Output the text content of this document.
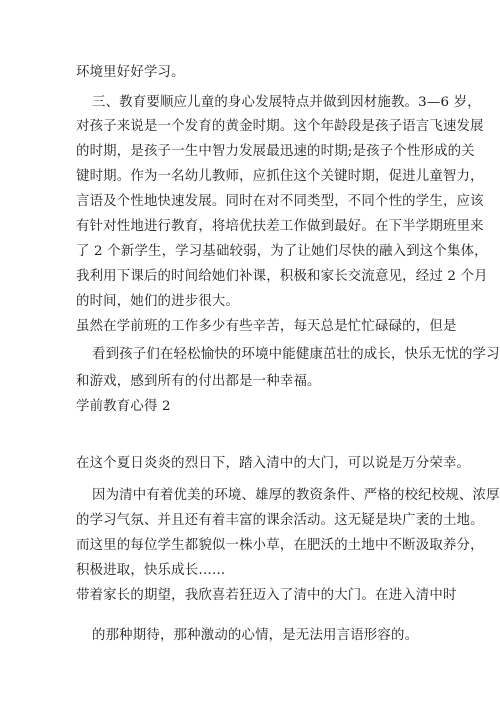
环境里好好学习。
三、教育要顺应儿童的身心发展特点并做到因材施教。3—6 岁，
对孩子来说是一个发育的黄金时期。这个年龄段是孩子语言飞速发展
的时期，是孩子一生中智力发展最迅速的时期;是孩子个性形成的关
键时期。作为一名幼儿教师，应抓住这个关键时期，促进儿童智力，
言语及个性地快速发展。同时在对不同类型，不同个性的学生，应该
有针对性地进行教育，将培优扶差工作做到最好。在下半学期班里来
了 2 个新学生，学习基础较弱，为了让她们尽快的融入到这个集体，
我利用下课后的时间给她们补课，积极和家长交流意见，经过 2 个月
的时间，她们的进步很大。
虽然在学前班的工作多少有些辛苦，每天总是忙忙碌碌的，但是
看到孩子们在轻松愉快的环境中能健康茁壮的成长，快乐无忧的学习
和游戏，感到所有的付出都是一种幸福。
学前教育心得 2
在这个夏日炎炎的烈日下，踏入清中的大门，可以说是万分荣幸。
因为清中有着优美的环境、雄厚的教资条件、严格的校纪校规、浓厚
的学习气氛、并且还有着丰富的课余活动。这无疑是块广袤的土地。
而这里的每位学生都貌似一株小草，在肥沃的土地中不断汲取养分，
积极进取，快乐成长……
带着家长的期望，我欣喜若狂迈入了清中的大门。在进入清中时
的那种期待，那种激动的心情，是无法用言语形容的。
